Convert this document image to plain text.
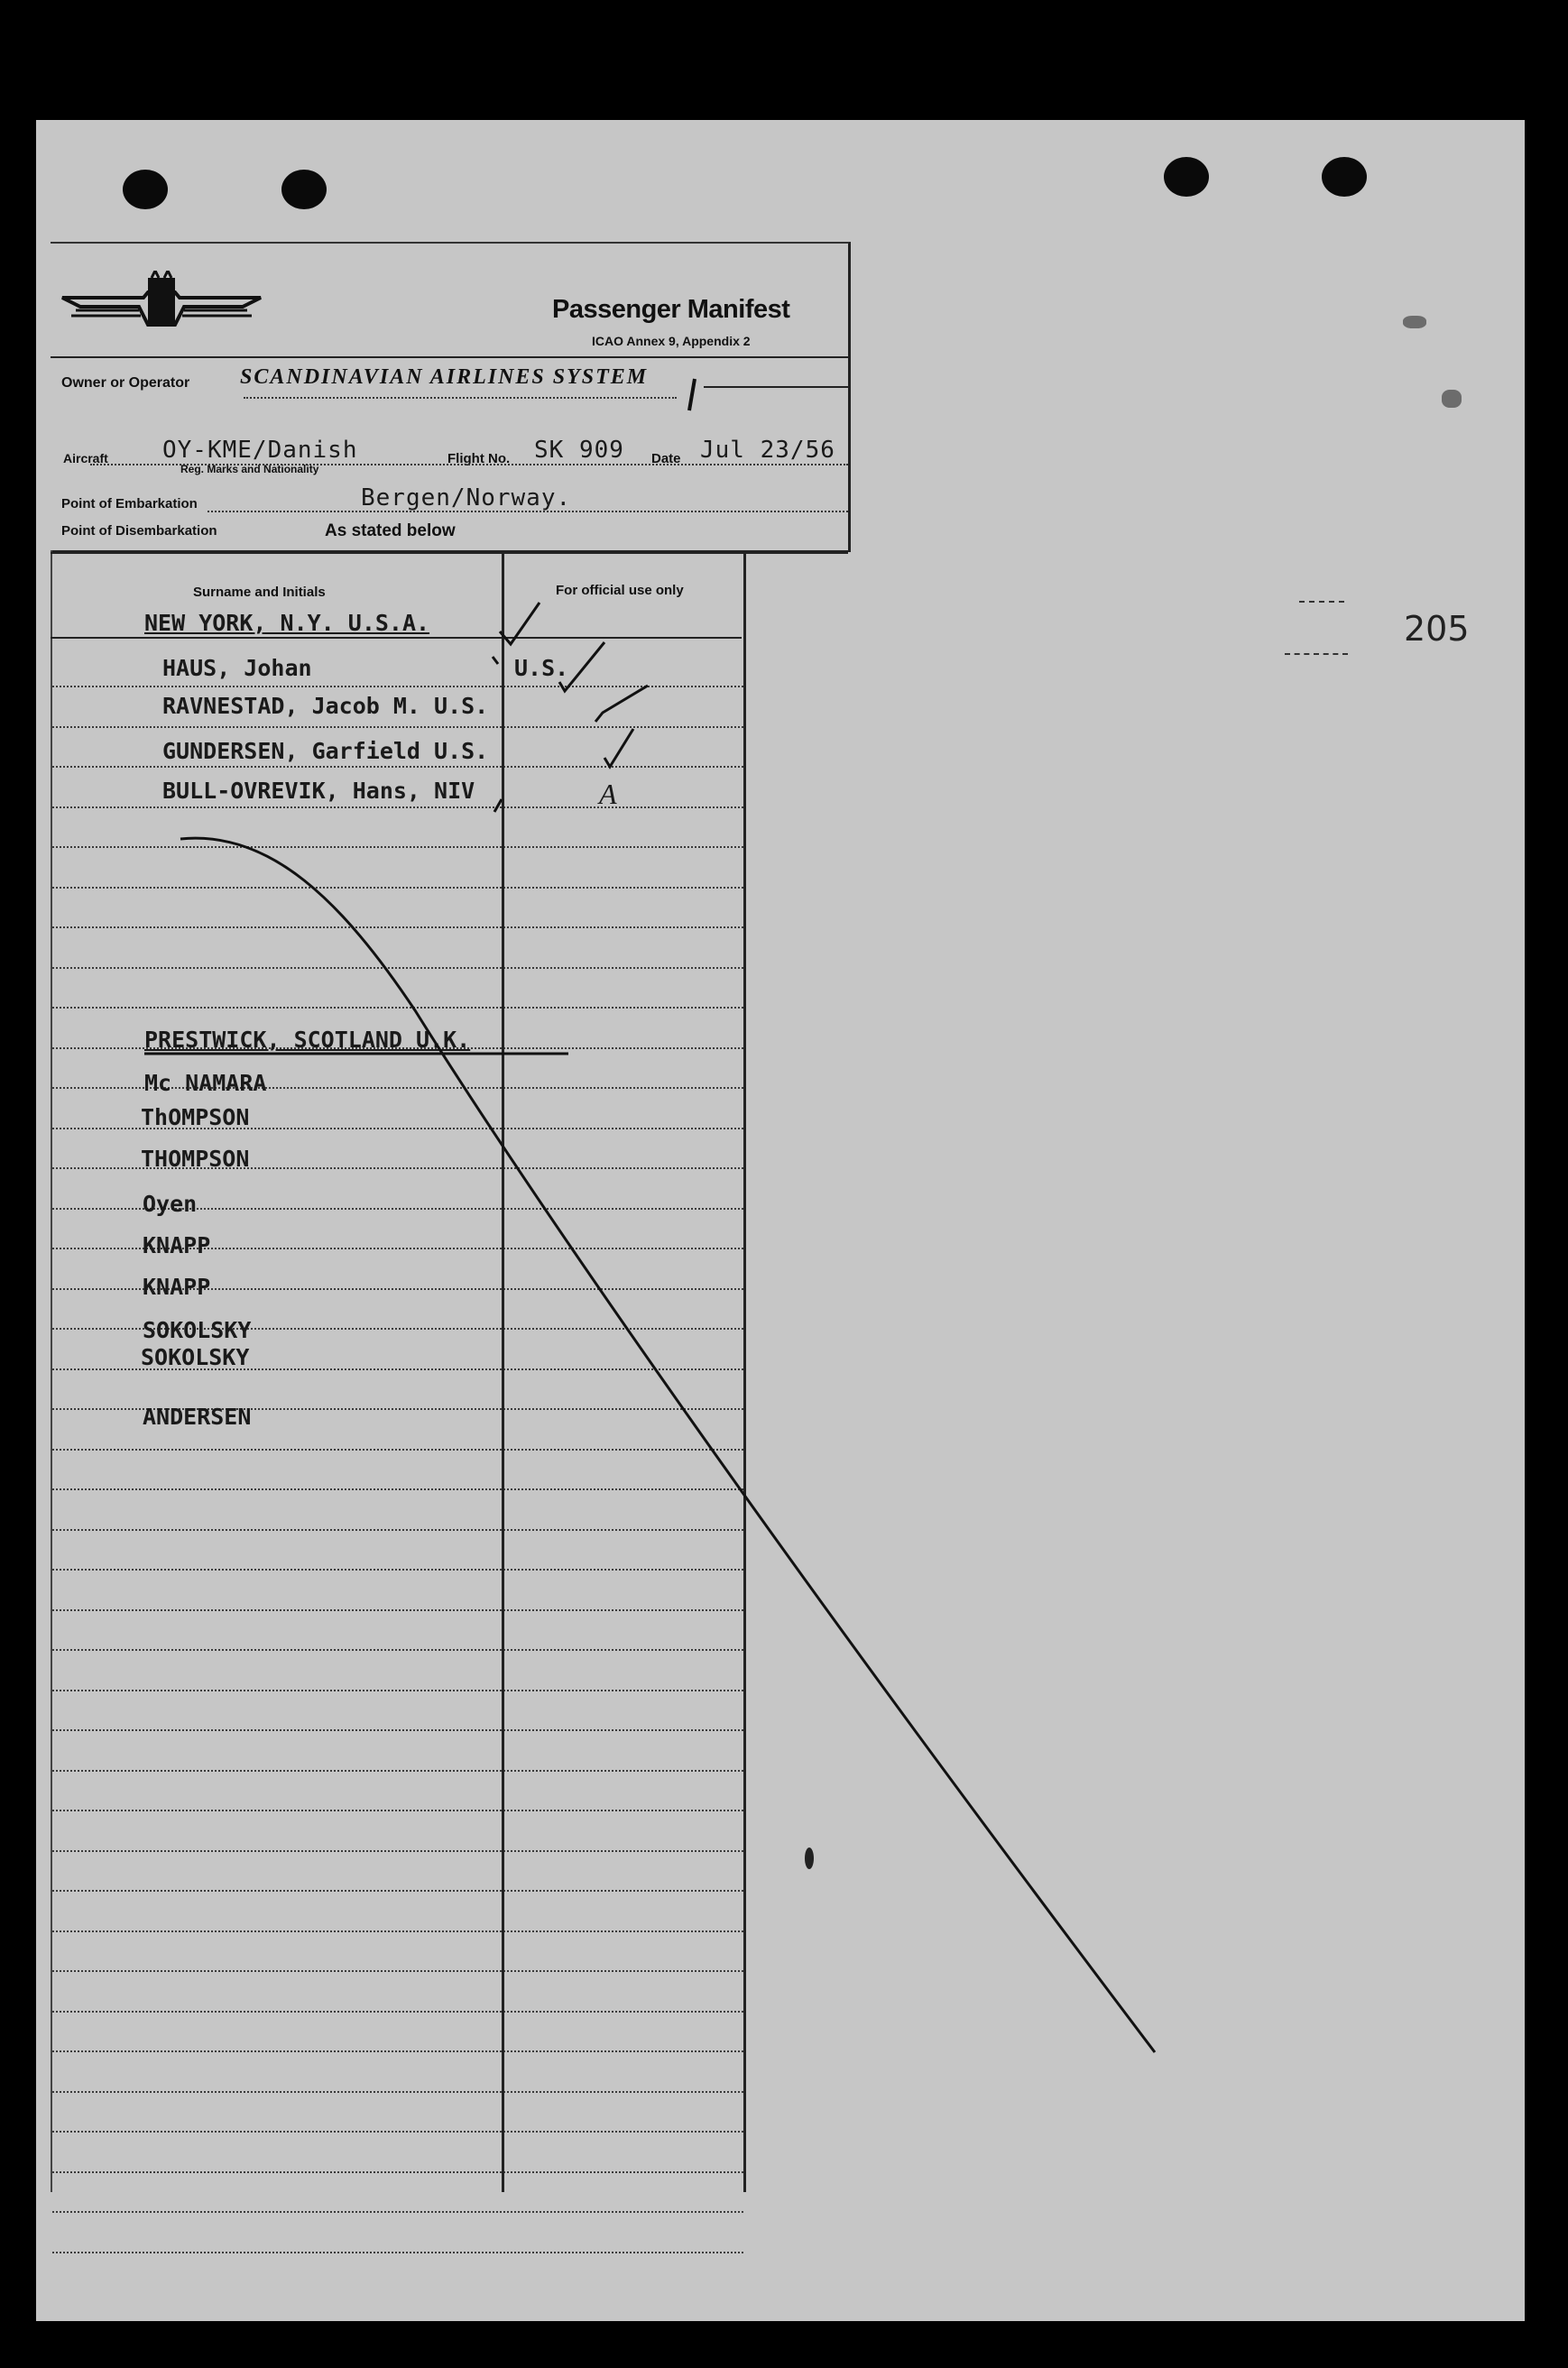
Passenger Manifest
ICAO Annex 9, Appendix 2
Owner or Operator SCANDINAVIAN AIRLINES SYSTEM
Aircraft OY-KME/Danish
Reg. Marks and Nationality
Flight No. SK 909 Date Jul 23/56
Point of Embarkation	Bergen/Norway.
Point of Disembarkation	As stated below
Surname and Initials	For official use only
NEW YORK, N.Y. U.S.A.
HAUS, Johan	U.S.
RAVNESTAD, Jacob M. U.S.
GUNDERSEN, Garfield U.S.
BULL-OVREVIK, Hans, NIV	A
PRESTWICK, SCOTLAND U.K.
Mc NAMARA
ThOMPSON
THOMPSON
Oyen
KNAPP
KNAPP
SOKOLSKY
SOKOLSKY
ANDERSEN
205
